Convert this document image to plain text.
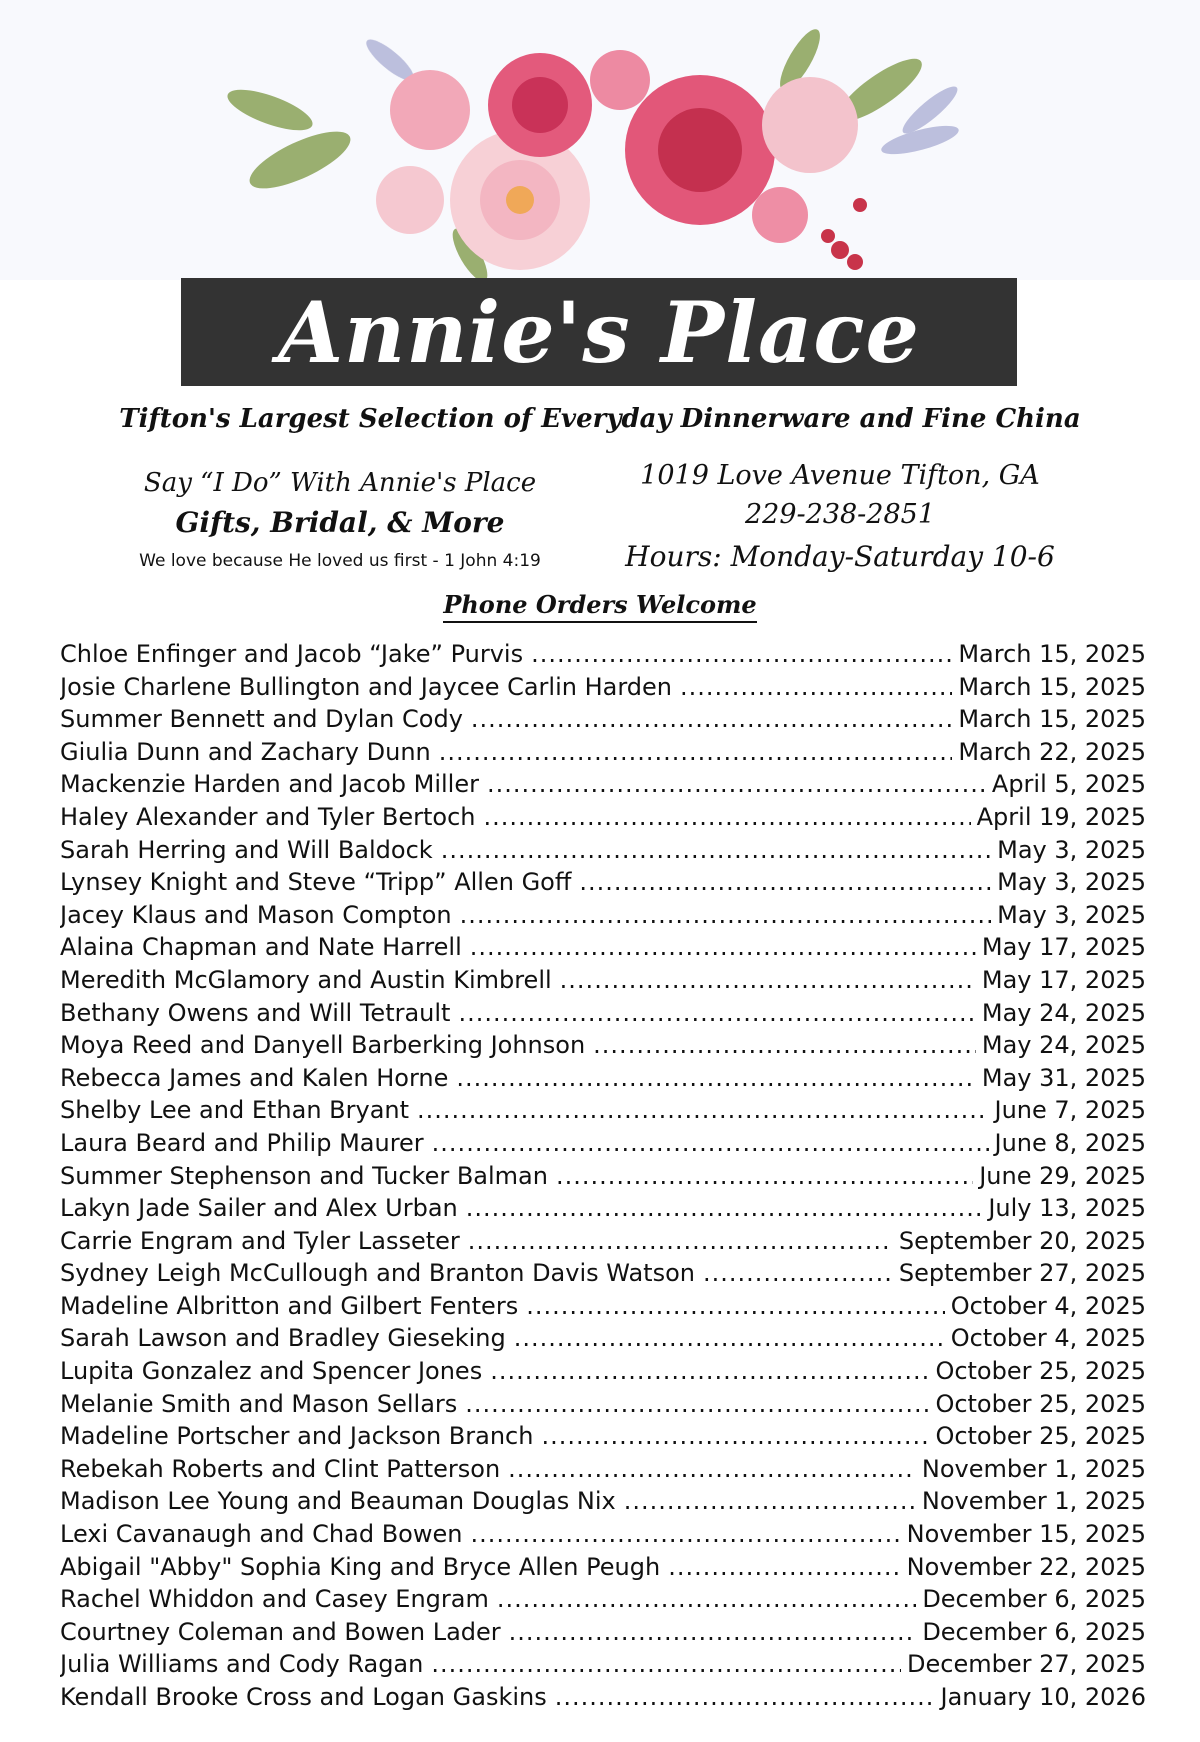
Annie's Place
Tifton's Largest Selection of Everyday Dinnerware and Fine China
Say “I Do” With Annie's Place
Gifts, Bridal, & More
We love because He loved us first - 1 John 4:19
1019 Love Avenue Tifton, GA
229-238-2851
Hours: Monday-Saturday 10-6
Phone Orders Welcome
Chloe Enfinger and Jacob “Jake” Purvis .....	March 15, 2025
Josie Charlene Bullington and Jaycee Carlin Harden .....	March 15, 2025
Summer Bennett and Dylan Cody .....	March 15, 2025
Giulia Dunn and Zachary Dunn .....	March 22, 2025
Mackenzie Harden and Jacob Miller .....	April 5, 2025
Haley Alexander and Tyler Bertoch .....	April 19, 2025
Sarah Herring and Will Baldock .....	May 3, 2025
Lynsey Knight and Steve “Tripp” Allen Goff .....	May 3, 2025
Jacey Klaus and Mason Compton .....	May 3, 2025
Alaina Chapman and Nate Harrell .....	May 17, 2025
Meredith McGlamory and Austin Kimbrell .....	May 17, 2025
Bethany Owens and Will Tetrault .....	May 24, 2025
Moya Reed and Danyell Barberking Johnson .....	May 24, 2025
Rebecca James and Kalen Horne .....	May 31, 2025
Shelby Lee and Ethan Bryant .....	June 7, 2025
Laura Beard and Philip Maurer .....	June 8, 2025
Summer Stephenson and Tucker Balman .....	June 29, 2025
Lakyn Jade Sailer and Alex Urban .....	July 13, 2025
Carrie Engram and Tyler Lasseter .....	September 20, 2025
Sydney Leigh McCullough and Branton Davis Watson .....	September 27, 2025
Madeline Albritton and Gilbert Fenters .....	October 4, 2025
Sarah Lawson and Bradley Gieseking .....	October 4, 2025
Lupita Gonzalez and Spencer Jones .....	October 25, 2025
Melanie Smith and Mason Sellars .....	October 25, 2025
Madeline Portscher and Jackson Branch .....	October 25, 2025
Rebekah Roberts and Clint Patterson .....	November 1, 2025
Madison Lee Young and Beauman Douglas Nix .....	November 1, 2025
Lexi Cavanaugh and Chad Bowen .....	November 15, 2025
Abigail "Abby" Sophia King and Bryce Allen Peugh .....	November 22, 2025
Rachel Whiddon and Casey Engram .....	December 6, 2025
Courtney Coleman and Bowen Lader .....	December 6, 2025
Julia Williams and Cody Ragan .....	December 27, 2025
Kendall Brooke Cross and Logan Gaskins .....	January 10, 2026
